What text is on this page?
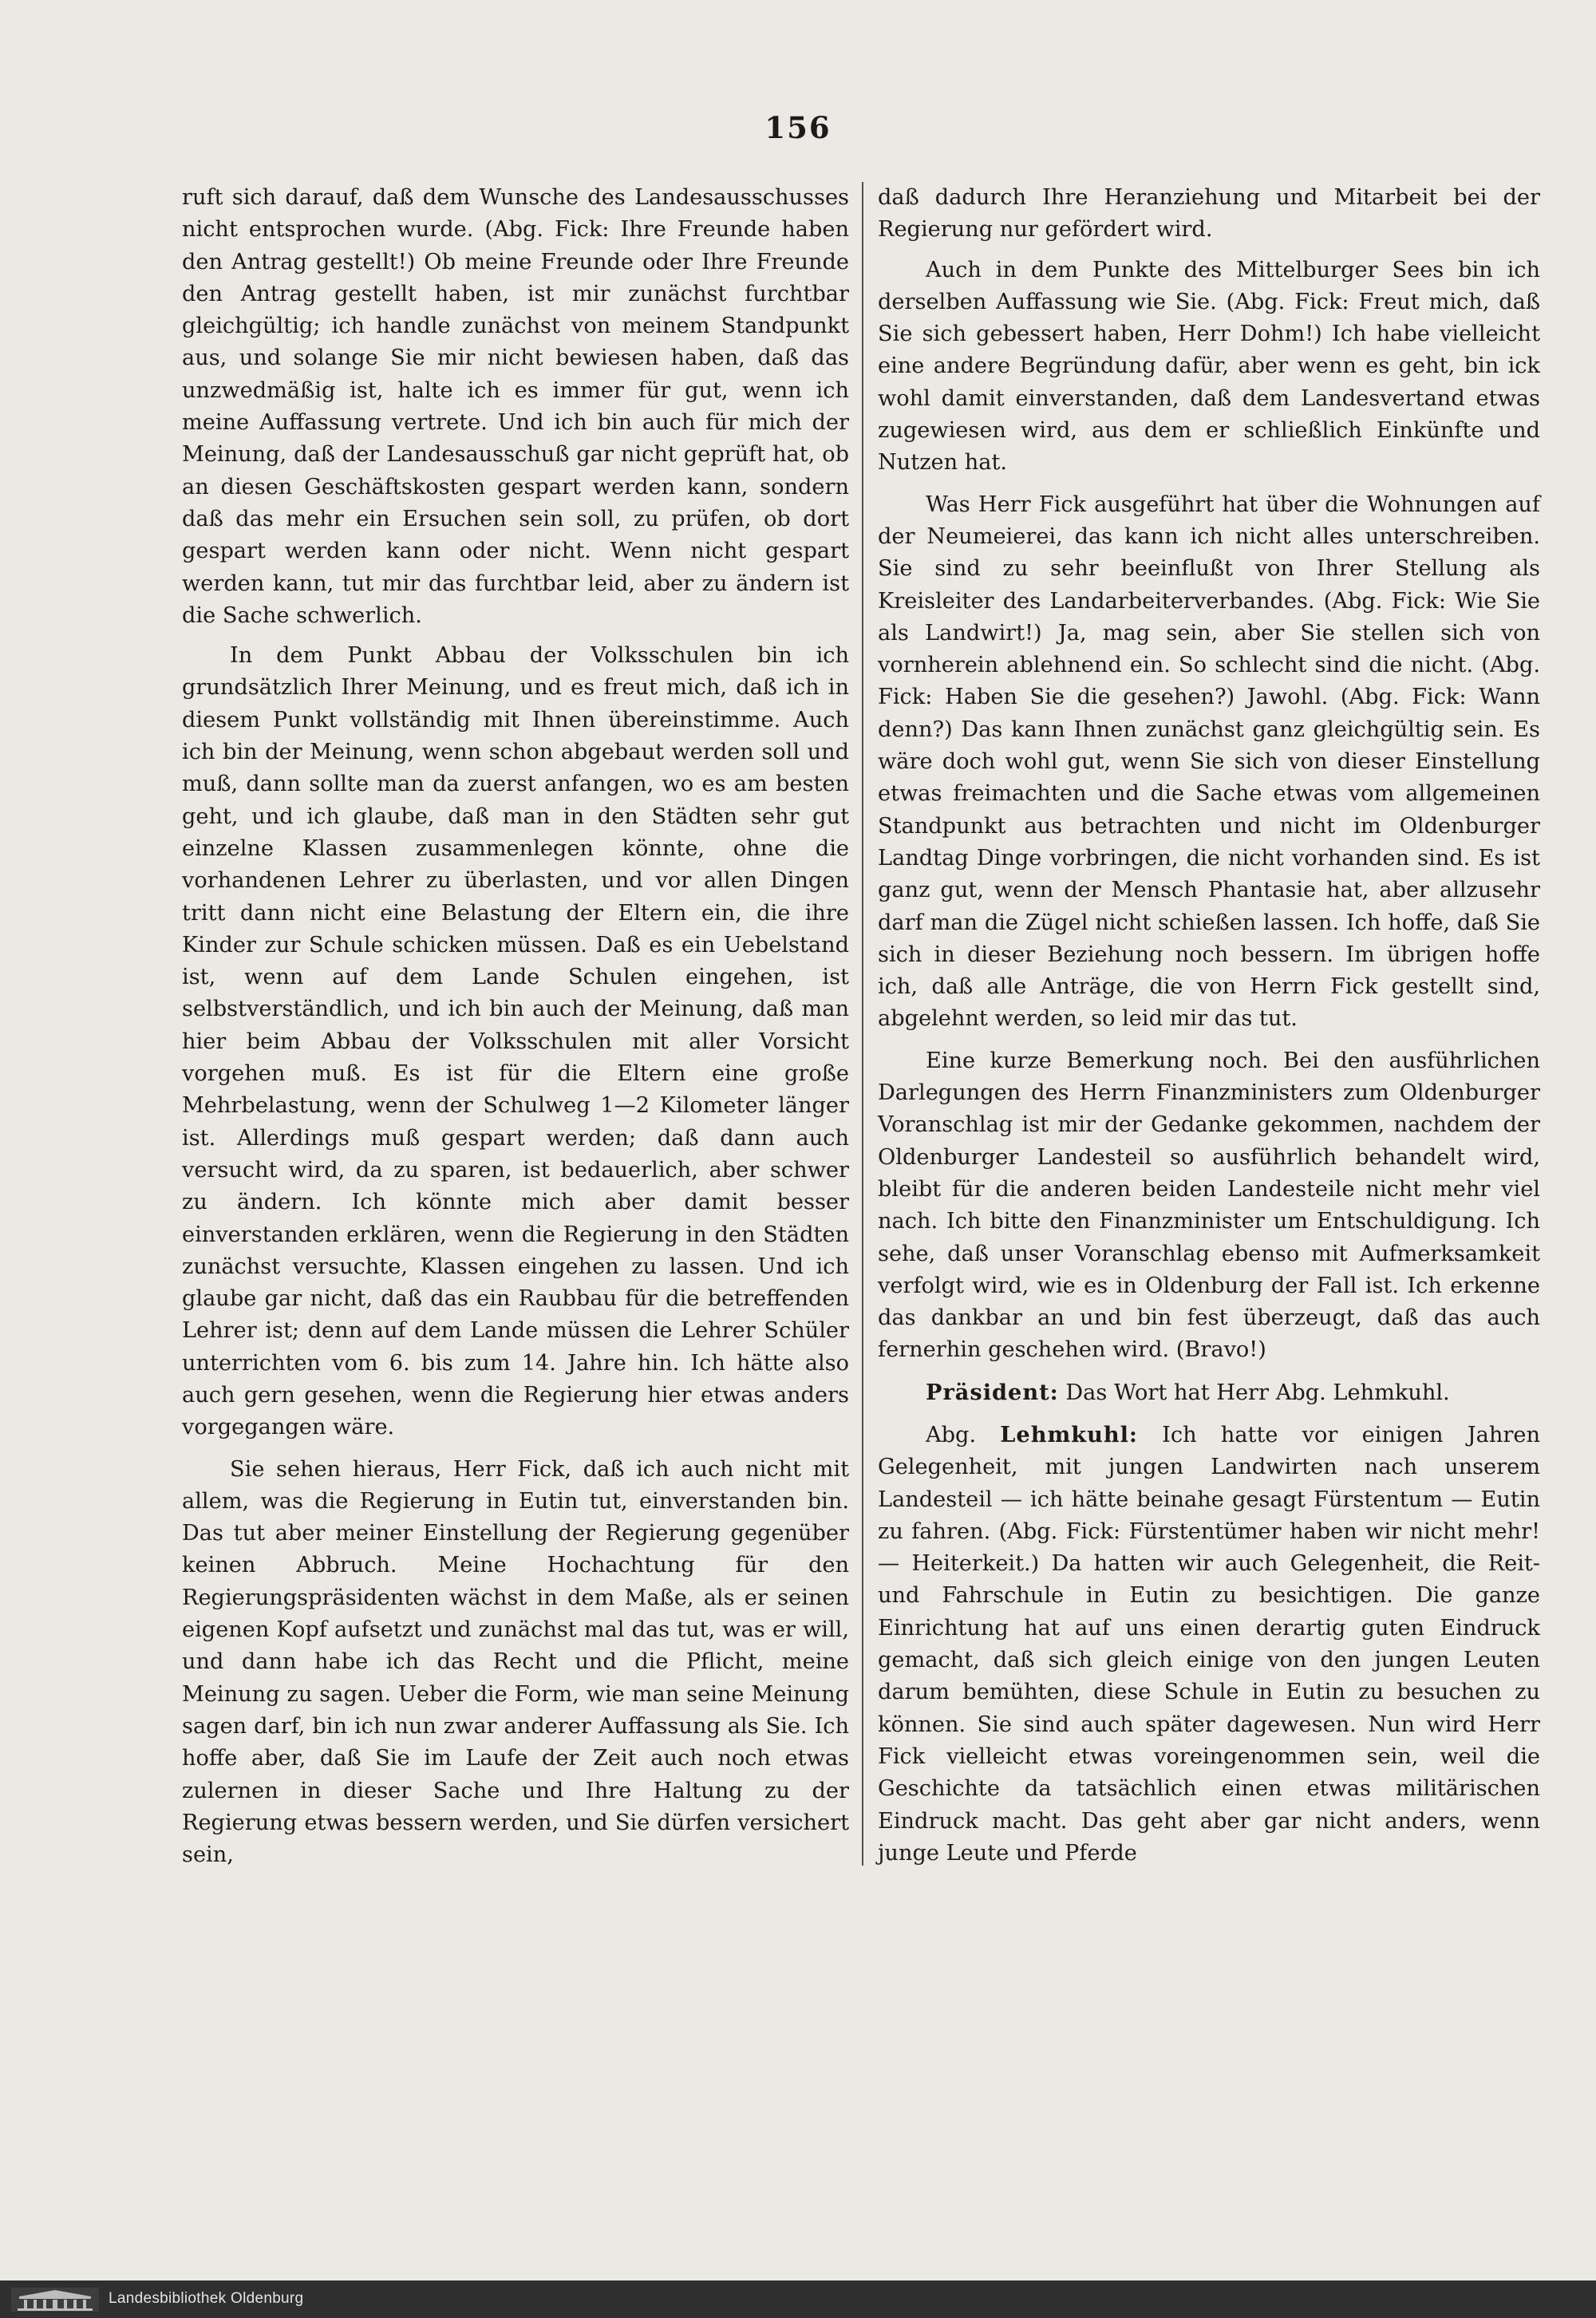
156

ruft sich darauf, daß dem Wunsche des Landesausschusses nicht entsprochen wurde. (Abg. Fick: Ihre Freunde haben den Antrag gestellt!) Ob meine Freunde oder Ihre Freunde den Antrag gestellt haben, ist mir zunächst furchtbar gleichgültig; ich handle zunächst von meinem Standpunkt aus, und solange Sie mir nicht bewiesen haben, daß das unzwedmäßig ist, halte ich es immer für gut, wenn ich meine Auffassung vertrete. Und ich bin auch für mich der Meinung, daß der Landesausschuß gar nicht geprüft hat, ob an diesen Geschäftskosten gespart werden kann, sondern daß das mehr ein Ersuchen sein soll, zu prüfen, ob dort gespart werden kann oder nicht. Wenn nicht gespart werden kann, tut mir das furchtbar leid, aber zu ändern ist die Sache schwerlich.

In dem Punkt Abbau der Volksschulen bin ich grundsätzlich Ihrer Meinung, und es freut mich, daß ich in diesem Punkt vollständig mit Ihnen übereinstimme. Auch ich bin der Meinung, wenn schon abgebaut werden soll und muß, dann sollte man da zuerst anfangen, wo es am besten geht, und ich glaube, daß man in den Städten sehr gut einzelne Klassen zusammenlegen könnte, ohne die vorhandenen Lehrer zu überlasten, und vor allen Dingen tritt dann nicht eine Belastung der Eltern ein, die ihre Kinder zur Schule schicken müssen. Daß es ein Uebelstand ist, wenn auf dem Lande Schulen eingehen, ist selbstverständlich, und ich bin auch der Meinung, daß man hier beim Abbau der Volksschulen mit aller Vorsicht vorgehen muß. Es ist für die Eltern eine große Mehrbelastung, wenn der Schulweg 1—2 Kilometer länger ist. Allerdings muß gespart werden; daß dann auch versucht wird, da zu sparen, ist bedauerlich, aber schwer zu ändern. Ich könnte mich aber damit besser einverstanden erklären, wenn die Regierung in den Städten zunächst versuchte, Klassen eingehen zu lassen. Und ich glaube gar nicht, daß das ein Raubbau für die betreffenden Lehrer ist; denn auf dem Lande müssen die Lehrer Schüler unterrichten vom 6. bis zum 14. Jahre hin. Ich hätte also auch gern gesehen, wenn die Regierung hier etwas anders vorgegangen wäre.

Sie sehen hieraus, Herr Fick, daß ich auch nicht mit allem, was die Regierung in Eutin tut, einverstanden bin. Das tut aber meiner Einstellung der Regierung gegenüber keinen Abbruch. Meine Hochachtung für den Regierungspräsidenten wächst in dem Maße, als er seinen eigenen Kopf aufsetzt und zunächst mal das tut, was er will, und dann habe ich das Recht und die Pflicht, meine Meinung zu sagen. Ueber die Form, wie man seine Meinung sagen darf, bin ich nun zwar anderer Auffassung als Sie. Ich hoffe aber, daß Sie im Laufe der Zeit auch noch etwas zulernen in dieser Sache und Ihre Haltung zu der Regierung etwas bessern werden, und Sie dürfen versichert sein,

daß dadurch Ihre Heranziehung und Mitarbeit bei der Regierung nur gefördert wird.

Auch in dem Punkte des Mittelburger Sees bin ich derselben Auffassung wie Sie. (Abg. Fick: Freut mich, daß Sie sich gebessert haben, Herr Dohm!) Ich habe vielleicht eine andere Begründung dafür, aber wenn es geht, bin ick wohl damit einverstanden, daß dem Landesvertand etwas zugewiesen wird, aus dem er schließlich Einkünfte und Nutzen hat.

Was Herr Fick ausgeführt hat über die Wohnungen auf der Neumeierei, das kann ich nicht alles unterschreiben. Sie sind zu sehr beeinflußt von Ihrer Stellung als Kreisleiter des Landarbeiterverbandes. (Abg. Fick: Wie Sie als Landwirt!) Ja, mag sein, aber Sie stellen sich von vornherein ablehnend ein. So schlecht sind die nicht. (Abg. Fick: Haben Sie die gesehen?) Jawohl. (Abg. Fick: Wann denn?) Das kann Ihnen zunächst ganz gleichgültig sein. Es wäre doch wohl gut, wenn Sie sich von dieser Einstellung etwas freimachten und die Sache etwas vom allgemeinen Standpunkt aus betrachten und nicht im Oldenburger Landtag Dinge vorbringen, die nicht vorhanden sind. Es ist ganz gut, wenn der Mensch Phantasie hat, aber allzusehr darf man die Zügel nicht schießen lassen. Ich hoffe, daß Sie sich in dieser Beziehung noch bessern. Im übrigen hoffe ich, daß alle Anträge, die von Herrn Fick gestellt sind, abgelehnt werden, so leid mir das tut.

Eine kurze Bemerkung noch. Bei den ausführlichen Darlegungen des Herrn Finanzministers zum Oldenburger Voranschlag ist mir der Gedanke gekommen, nachdem der Oldenburger Landesteil so ausführlich behandelt wird, bleibt für die anderen beiden Landesteile nicht mehr viel nach. Ich bitte den Finanzminister um Entschuldigung. Ich sehe, daß unser Voranschlag ebenso mit Aufmerksamkeit verfolgt wird, wie es in Oldenburg der Fall ist. Ich erkenne das dankbar an und bin fest überzeugt, daß das auch fernerhin geschehen wird. (Bravo!)

Präsident: Das Wort hat Herr Abg. Lehmkuhl.

Abg. Lehmkuhl: Ich hatte vor einigen Jahren Gelegenheit, mit jungen Landwirten nach unserem Landesteil — ich hätte beinahe gesagt Fürstentum — Eutin zu fahren. (Abg. Fick: Fürstentümer haben wir nicht mehr! — Heiterkeit.) Da hatten wir auch Gelegenheit, die Reit- und Fahrschule in Eutin zu besichtigen. Die ganze Einrichtung hat auf uns einen derartig guten Eindruck gemacht, daß sich gleich einige von den jungen Leuten darum bemühten, diese Schule in Eutin zu besuchen zu können. Sie sind auch später dagewesen. Nun wird Herr Fick vielleicht etwas voreingenommen sein, weil die Geschichte da tatsächlich einen etwas militärischen Eindruck macht. Das geht aber gar nicht anders, wenn junge Leute und Pferde

Landesbibliothek Oldenburg
